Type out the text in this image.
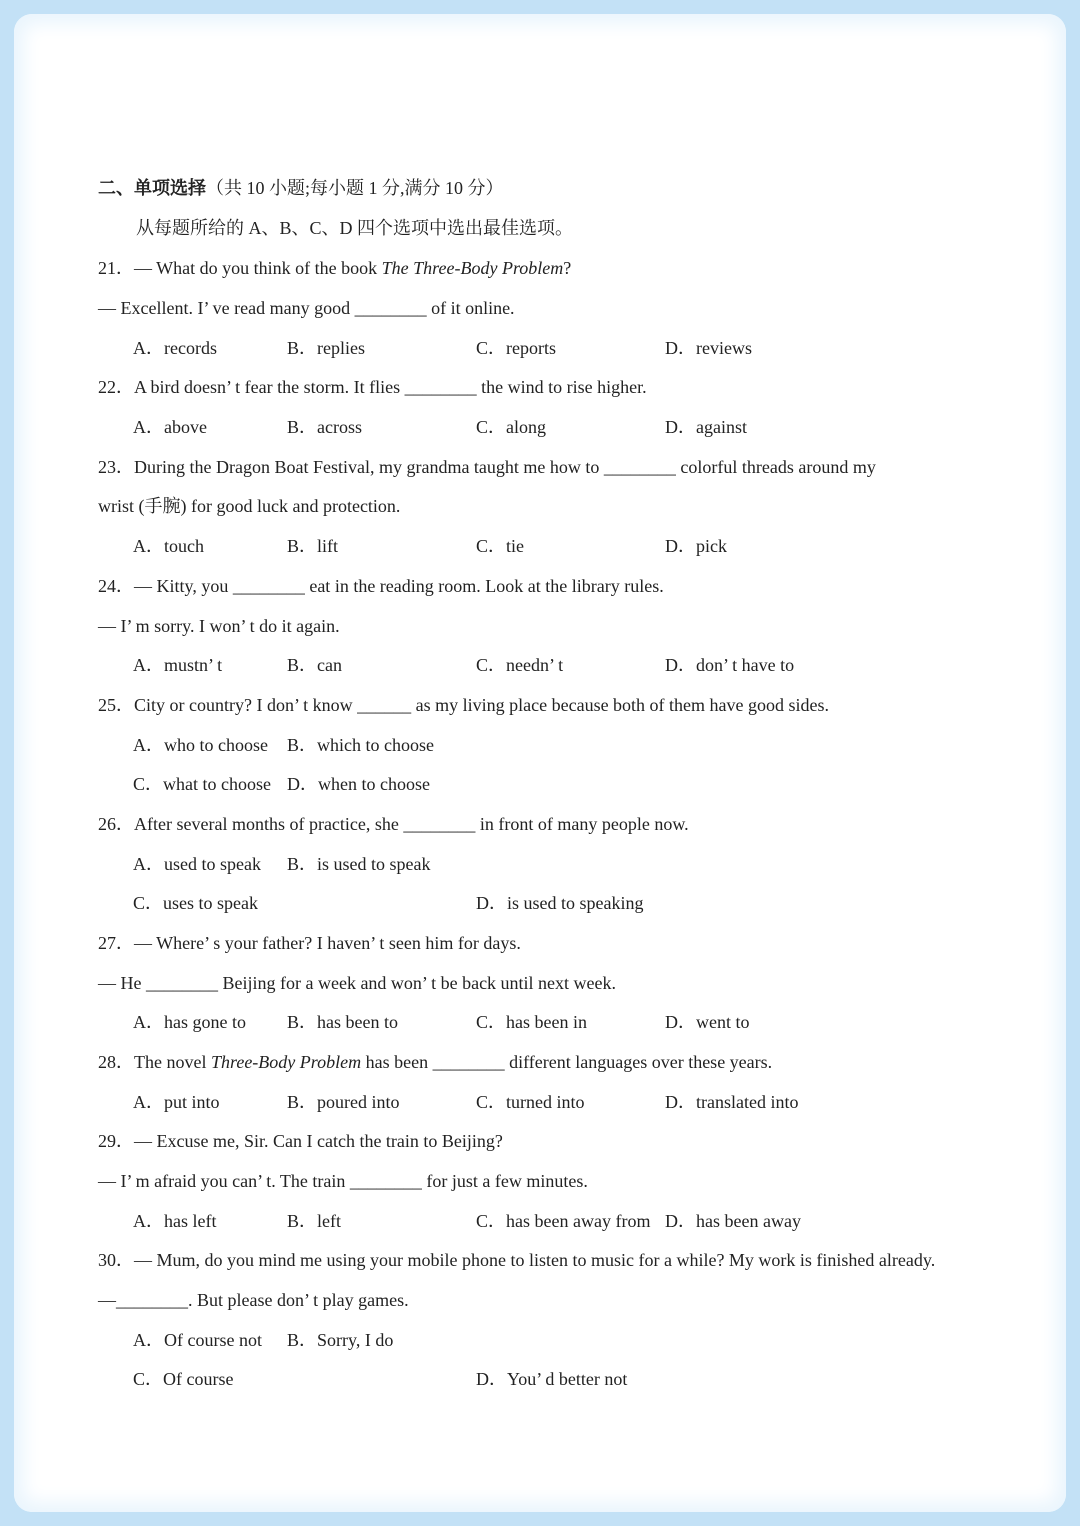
二、单项选择（共 10 小题;每小题 1 分,满分 10 分）
从每题所给的 A、B、C、D 四个选项中选出最佳选项。
21．— What do you think of the book The Three-Body Problem?
— Excellent. I’ ve read many good ________ of it online.
A．records	B．replies	C．reports	D．reviews
22．A bird doesn’ t fear the storm. It flies ________ the wind to rise higher.
A．above	B．across	C．along	D．against
23．During the Dragon Boat Festival, my grandma taught me how to ________ colorful threads around my
wrist (手腕) for good luck and protection.
A．touch	B．lift	C．tie	D．pick
24．— Kitty, you ________ eat in the reading room. Look at the library rules.
— I’ m sorry. I won’ t do it again.
A．mustn’ t	B．can	C．needn’ t	D．don’ t have to
25．City or country? I don’ t know ______ as my living place because both of them have good sides.
A．who to choose B．which to choose
C．what to choose D．when to choose
26．After several months of practice, she ________ in front of many people now.
A．used to speak B．is used to speak
C．uses to speak	D．is used to speaking
27．— Where’ s your father? I haven’ t seen him for days.
— He ________ Beijing for a week and won’ t be back until next week.
A．has gone to B．has been to	C．has been in	D．went to
28．The novel Three-Body Problem has been ________ different languages over these years.
A．put into	B．poured into	C．turned into	D．translated into
29．— Excuse me, Sir. Can I catch the train to Beijing?
— I’ m afraid you can’ t. The train ________ for just a few minutes.
A．has left	B．left	C．has been away from D．has been away
30．— Mum, do you mind me using your mobile phone to listen to music for a while? My work is finished already.
—________. But please don’ t play games.
A．Of course not B．Sorry, I do
C．Of course	D．You’ d better not
